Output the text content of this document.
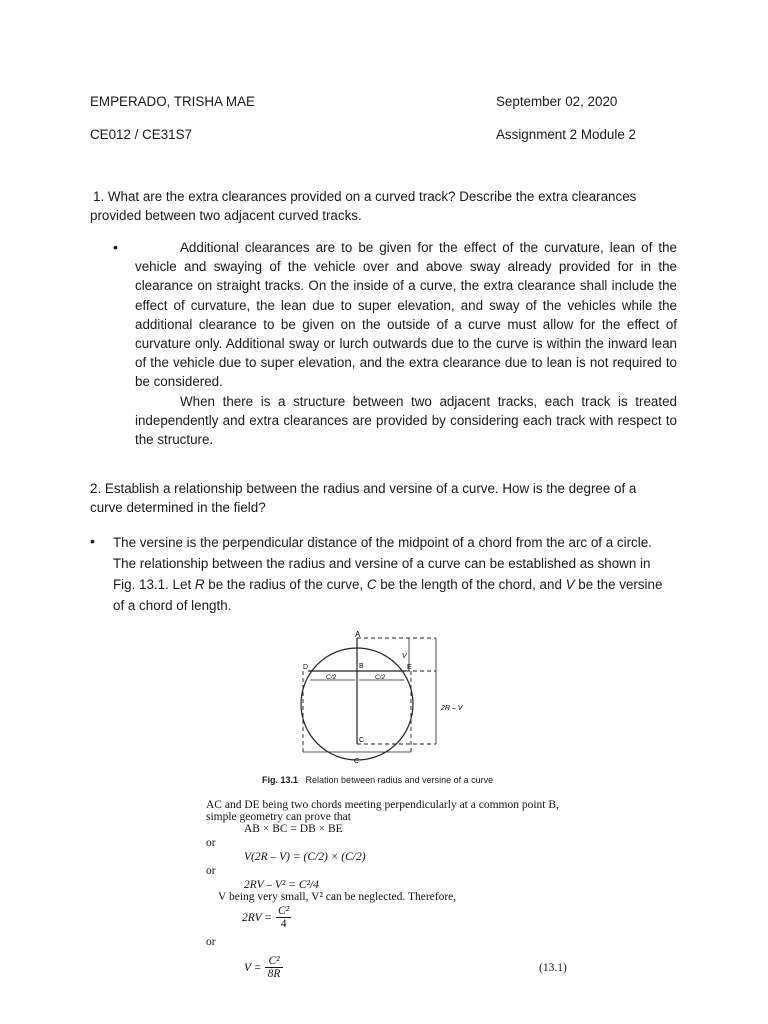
EMPERADO, TRISHA MAE	September 02, 2020
CE012 / CE31S7	Assignment 2 Module 2
1. What are the extra clearances provided on a curved track? Describe the extra clearances provided between two adjacent curved tracks.
•	Additional clearances are to be given for the effect of the curvature, lean of the vehicle and swaying of the vehicle over and above sway already provided for in the clearance on straight tracks. On the inside of a curve, the extra clearance shall include the effect of curvature, the lean due to super elevation, and sway of the vehicles while the additional clearance to be given on the outside of a curve must allow for the effect of curvature only. Additional sway or lurch outwards due to the curve is within the inward lean of the vehicle due to super elevation, and the extra clearance due to lean is not required to be considered.
When there is a structure between two adjacent tracks, each track is treated independently and extra clearances are provided by considering each track with respect to the structure.
2. Establish a relationship between the radius and versine of a curve. How is the degree of a curve determined in the field?
• The versine is the perpendicular distance of the midpoint of a chord from the arc of a circle. The relationship between the radius and versine of a curve can be established as shown in Fig. 13.1. Let R be the radius of the curve, C be the length of the chord, and V be the versine of a chord of length.
A
B
C
D	E
V
C/2	C/2
2R – V
C
Fig. 13.1 Relation between radius and versine of a curve
AC and DE being two chords meeting perpendicularly at a common point B,
simple geometry can prove that
AB × BC = DB × BE
or
V(2R – V) = (C/2) × (C/2)
or
2RV – V² = C²/4
V being very small, V² can be neglected. Therefore,
$2RV = \frac{\text{C²}}{4}$
or
$V = \frac{\text{C²}}{8R}$	(13.1)
